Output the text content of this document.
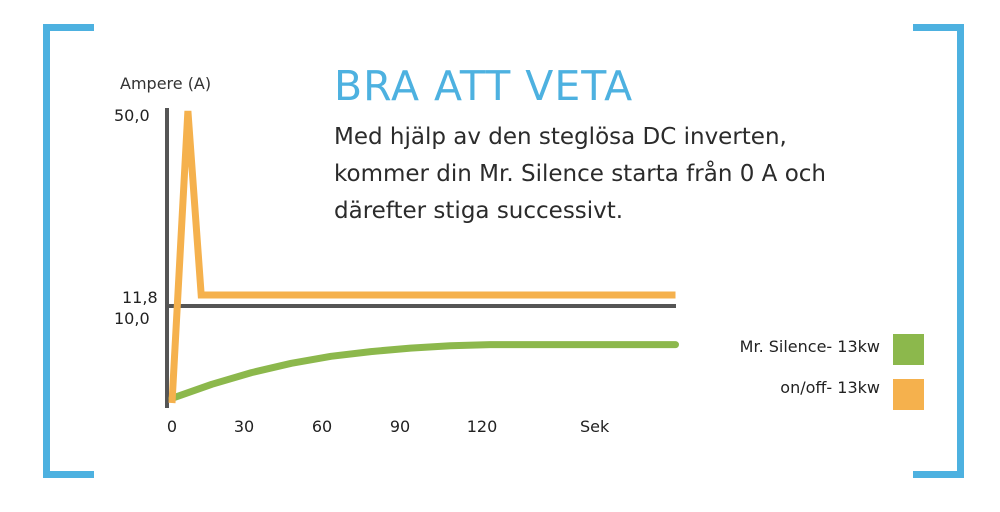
BRA ATT VETA
Med hjälp av den steglösa DC inverten,
kommer din Mr. Silence starta från 0 A och
därefter stiga successivt.
Ampere (A)
50,0
11,8
10,0
0	30	60	90	120	Sek
Mr. Silence- 13kw
on/off- 13kw
